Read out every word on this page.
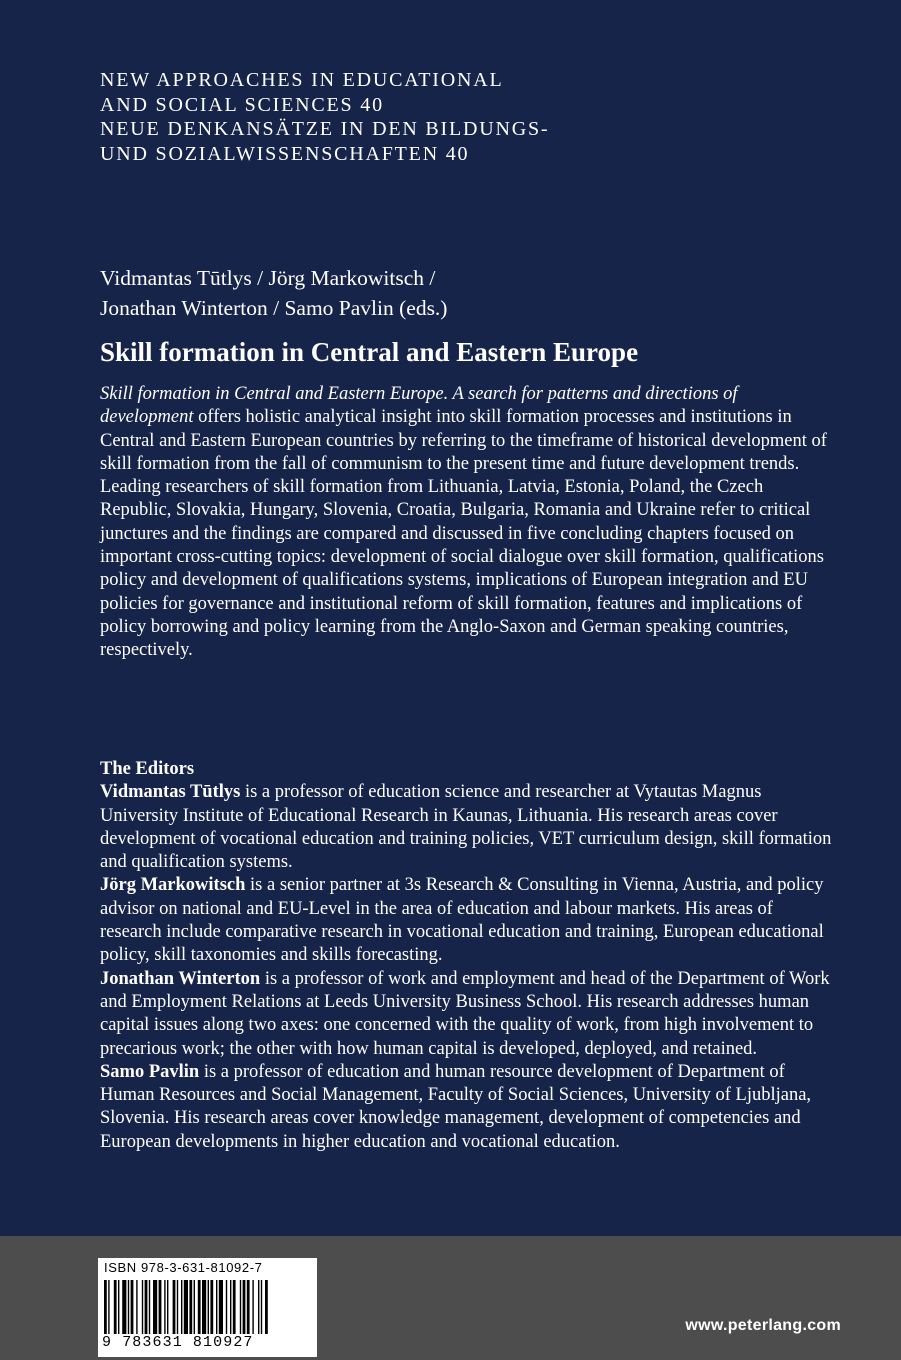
NEW APPROACHES IN EDUCATIONAL
AND SOCIAL SCIENCES 40
NEUE DENKANSÄTZE IN DEN BILDUNGS-
UND SOZIALWISSENSCHAFTEN 40
Vidmantas Tūtlys / Jörg Markowitsch /
Jonathan Winterton / Samo Pavlin (eds.)
Skill formation in Central and Eastern Europe

Skill formation in Central and Eastern Europe. A search for patterns and directions of development offers holistic analytical insight into skill formation processes and institutions in Central and Eastern European countries by referring to the timeframe of historical development of skill formation from the fall of communism to the present time and future development trends. Leading researchers of skill formation from Lithuania, Latvia, Estonia, Poland, the Czech Republic, Slovakia, Hungary, Slovenia, Croatia, Bulgaria, Romania and Ukraine refer to critical junctures and the findings are compared and discussed in five concluding chapters focused on important cross-cutting topics: development of social dialogue over skill formation, qualifications policy and development of qualifications systems, implications of European integration and EU policies for governance and institutional reform of skill formation, features and implications of policy borrowing and policy learning from the Anglo-Saxon and German speaking countries, respectively.

The Editors

Vidmantas Tūtlys is a professor of education science and researcher at Vytautas Magnus University Institute of Educational Research in Kaunas, Lithuania. His research areas cover development of vocational education and training policies, VET curriculum design, skill formation and qualification systems.

Jörg Markowitsch is a senior partner at 3s Research & Consulting in Vienna, Austria, and policy advisor on national and EU-Level in the area of education and labour markets. His areas of research include comparative research in vocational education and training, European educational policy, skill taxonomies and skills forecasting.

Jonathan Winterton is a professor of work and employment and head of the Department of Work and Employment Relations at Leeds University Business School. His research addresses human capital issues along two axes: one concerned with the quality of work, from high involvement to precarious work; the other with how human capital is developed, deployed, and retained.

Samo Pavlin is a professor of education and human resource development of Department of Human Resources and Social Management, Faculty of Social Sciences, University of Ljubljana, Slovenia. His research areas cover knowledge management, development of competencies and European developments in higher education and vocational education.

ISBN 978-3-631-81092-7
9 783631 810927
www.peterlang.com
